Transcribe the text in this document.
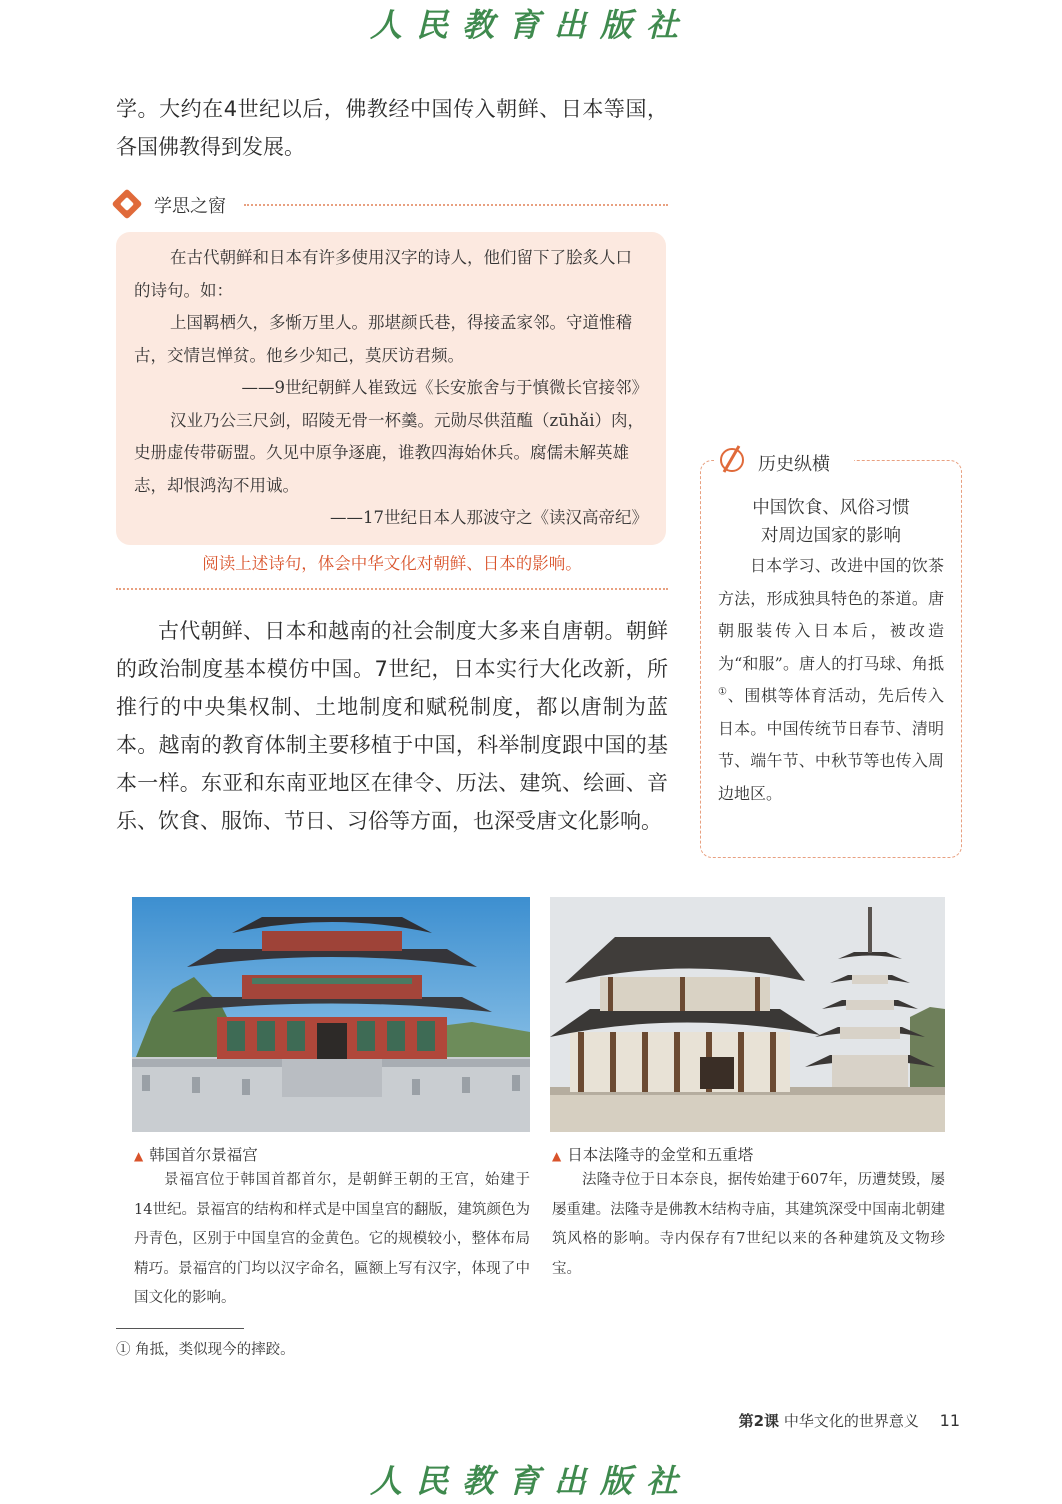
人民教育出版社

学。大约在4世纪以后，佛教经中国传入朝鲜、日本等国，各国佛教得到发展。

学思之窗

在古代朝鲜和日本有许多使用汉字的诗人，他们留下了脍炙人口的诗句。如：

上国羁栖久，多惭万里人。那堪颜氏巷，得接孟家邻。守道惟稽古，交情岂惮贫。他乡少知己，莫厌访君频。

——9世纪朝鲜人崔致远《长安旅舍与于慎微长官接邻》

汉业乃公三尺剑，昭陵无骨一杯羹。元勋尽供菹醢（zūhǎi）肉，史册虚传带砺盟。久见中原争逐鹿，谁教四海始休兵。腐儒未解英雄志，却恨鸿沟不用诚。

——17世纪日本人那波守之《读汉高帝纪》

阅读上述诗句，体会中华文化对朝鲜、日本的影响。

古代朝鲜、日本和越南的社会制度大多来自唐朝。朝鲜的政治制度基本模仿中国。7世纪，日本实行大化改新，所推行的中央集权制、土地制度和赋税制度，都以唐制为蓝本。越南的教育体制主要移植于中国，科举制度跟中国的基本一样。东亚和东南亚地区在律令、历法、建筑、绘画、音乐、饮食、服饰、节日、习俗等方面，也深受唐文化影响。

历史纵横
中国饮食、风俗习惯
对周边国家的影响

日本学习、改进中国的饮茶方法，形成独具特色的茶道。唐朝服装传入日本后，被改造为“和服”。唐人的打马球、角抵①、围棋等体育活动，先后传入日本。中国传统节日春节、清明节、端午节、中秋节等也传入周边地区。

▲ 韩国首尔景福宫

景福宫位于韩国首都首尔，是朝鲜王朝的王宫，始建于14世纪。景福宫的结构和样式是中国皇宫的翻版，建筑颜色为丹青色，区别于中国皇宫的金黄色。它的规模较小，整体布局精巧。景福宫的门均以汉字命名，匾额上写有汉字，体现了中国文化的影响。

▲ 日本法隆寺的金堂和五重塔

法隆寺位于日本奈良，据传始建于607年，历遭焚毁，屡屡重建。法隆寺是佛教木结构寺庙，其建筑深受中国南北朝建筑风格的影响。寺内保存有7世纪以来的各种建筑及文物珍宝。

① 角抵，类似现今的摔跤。

第2课 中华文化的世界意义 11
人民教育出版社
